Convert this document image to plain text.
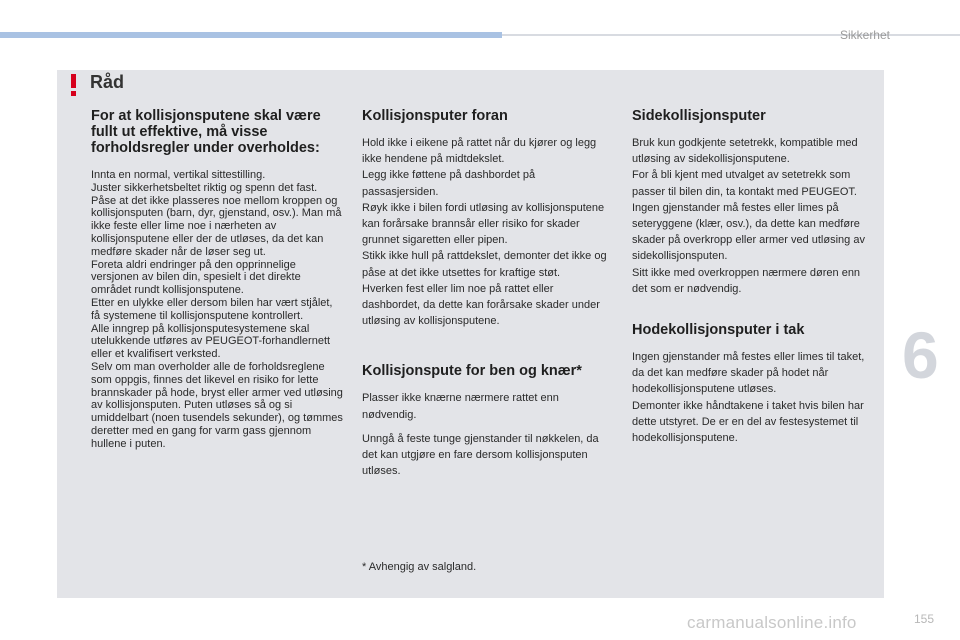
Sikkerhet
Råd
For at kollisjonsputene skal være fullt ut effektive, må visse forholdsregler under overholdes:

Innta en normal, vertikal sittestilling.
Juster sikkerhetsbeltet riktig og spenn det fast.
Påse at det ikke plasseres noe mellom kroppen og kollisjonsputen (barn, dyr, gjenstand, osv.). Man må ikke feste eller lime noe i nærheten av kollisjonsputene eller der de utløses, da det kan medføre skader når de løser seg ut.
Foreta aldri endringer på den opprinnelige versjonen av bilen din, spesielt i det direkte området rundt kollisjonsputene.
Etter en ulykke eller dersom bilen har vært stjålet, få systemene til kollisjonsputene kontrollert.
Alle inngrep på kollisjonsputesystemene skal utelukkende utføres av PEUGEOT-forhandlernett eller et kvalifisert verksted.
Selv om man overholder alle de forholdsreglene som oppgis, finnes det likevel en risiko for lette brannskader på hode, bryst eller armer ved utløsing av kollisjonsputen. Puten utløses så og si umiddelbart (noen tusendels sekunder), og tømmes deretter med en gang for varm gass gjennom hullene i puten.

Kollisjonsputer foran

Hold ikke i eikene på rattet når du kjører og legg ikke hendene på midtdekslet.
Legg ikke føttene på dashbordet på passasjersiden.
Røyk ikke i bilen fordi utløsing av kollisjonsputene kan forårsake brannsår eller risiko for skader grunnet sigaretten eller pipen.
Stikk ikke hull på rattdekslet, demonter det ikke og påse at det ikke utsettes for kraftige støt.
Hverken fest eller lim noe på rattet eller dashbordet, da dette kan forårsake skader under utløsing av kollisjonsputene.

Kollisjonspute for ben og knær*

Plasser ikke knærne nærmere rattet enn nødvendig.

Unngå å feste tunge gjenstander til nøkkelen, da det kan utgjøre en fare dersom kollisjonsputen utløses.

* Avhengig av salgland.
Sidekollisjonsputer

Bruk kun godkjente setetrekk, kompatible med utløsing av sidekollisjonsputene.
For å bli kjent med utvalget av setetrekk som passer til bilen din, ta kontakt med PEUGEOT.
Ingen gjenstander må festes eller limes på seteryggene (klær, osv.), da dette kan medføre skader på overkropp eller armer ved utløsing av sidekollisjonsputen.
Sitt ikke med overkroppen nærmere døren enn det som er nødvendig.

Hodekollisjonsputer i tak

Ingen gjenstander må festes eller limes til taket, da det kan medføre skader på hodet når hodekollisjonsputene utløses.
Demonter ikke håndtakene i taket hvis bilen har dette utstyret. De er en del av festesystemet til hodekollisjonsputene.

6
carmanualsonline.info	155
